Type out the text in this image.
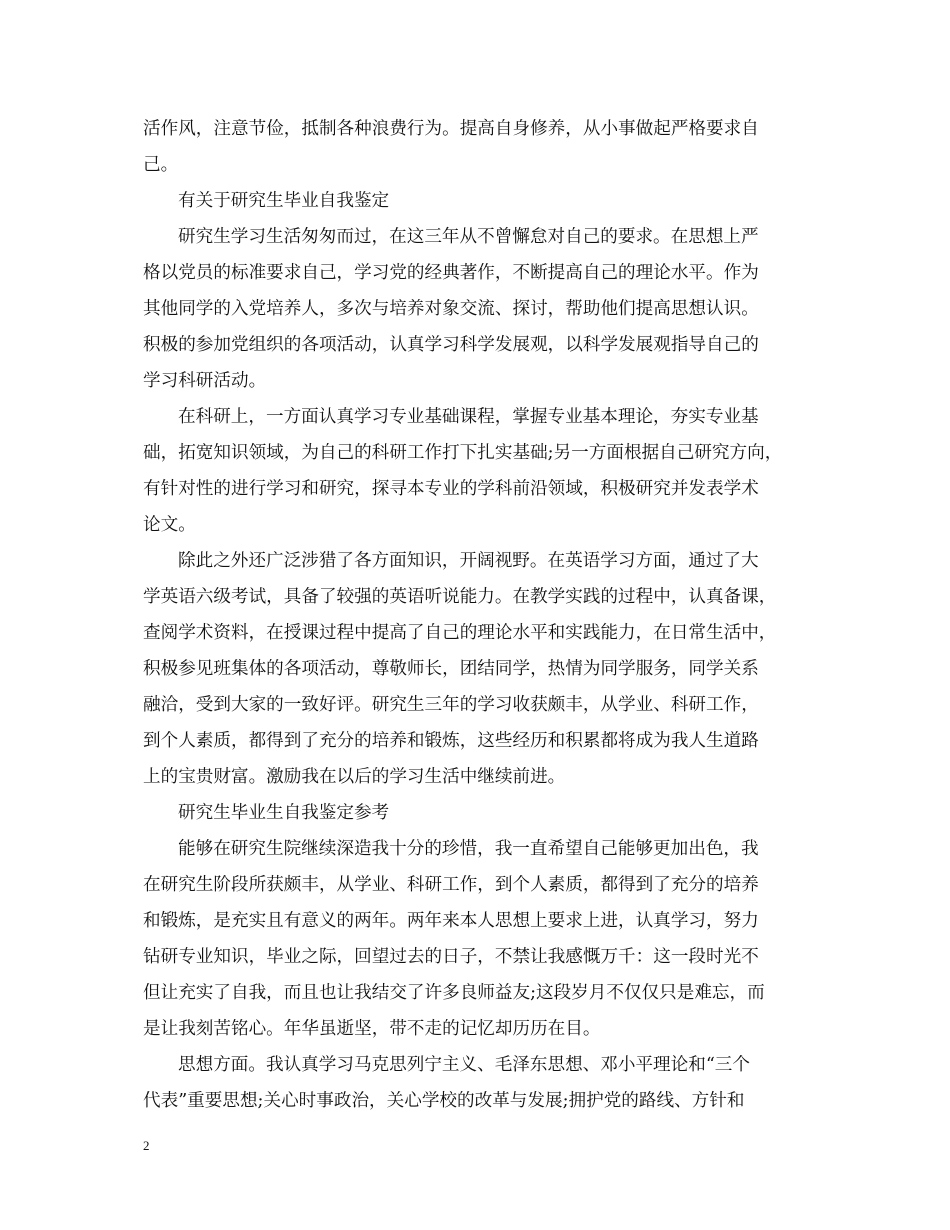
活作风，注意节俭，抵制各种浪费行为。提高自身修养，从小事做起严格要求自
己。
有关于研究生毕业自我鉴定
研究生学习生活匆匆而过，在这三年从不曾懈怠对自己的要求。在思想上严
格以党员的标准要求自己，学习党的经典著作，不断提高自己的理论水平。作为
其他同学的入党培养人，多次与培养对象交流、探讨，帮助他们提高思想认识。
积极的参加党组织的各项活动，认真学习科学发展观，以科学发展观指导自己的
学习科研活动。
在科研上，一方面认真学习专业基础课程，掌握专业基本理论，夯实专业基
础，拓宽知识领域，为自己的科研工作打下扎实基础;另一方面根据自己研究方向，
有针对性的进行学习和研究，探寻本专业的学科前沿领域，积极研究并发表学术
论文。
除此之外还广泛涉猎了各方面知识，开阔视野。在英语学习方面，通过了大
学英语六级考试，具备了较强的英语听说能力。在教学实践的过程中，认真备课，
查阅学术资料，在授课过程中提高了自己的理论水平和实践能力，在日常生活中，
积极参见班集体的各项活动，尊敬师长，团结同学，热情为同学服务，同学关系
融洽，受到大家的一致好评。研究生三年的学习收获颇丰，从学业、科研工作，
到个人素质，都得到了充分的培养和锻炼，这些经历和积累都将成为我人生道路
上的宝贵财富。激励我在以后的学习生活中继续前进。
研究生毕业生自我鉴定参考
能够在研究生院继续深造我十分的珍惜，我一直希望自己能够更加出色，我
在研究生阶段所获颇丰，从学业、科研工作，到个人素质，都得到了充分的培养
和锻炼，是充实且有意义的两年。两年来本人思想上要求上进，认真学习，努力
钻研专业知识，毕业之际，回望过去的日子，不禁让我感慨万千：这一段时光不
但让充实了自我，而且也让我结交了许多良师益友;这段岁月不仅仅只是难忘，而
是让我刻苦铭心。年华虽逝坚，带不走的记忆却历历在目。
思想方面。我认真学习马克思列宁主义、毛泽东思想、邓小平理论和“三个
代表”重要思想;关心时事政治，关心学校的改革与发展;拥护党的路线、方针和
2
